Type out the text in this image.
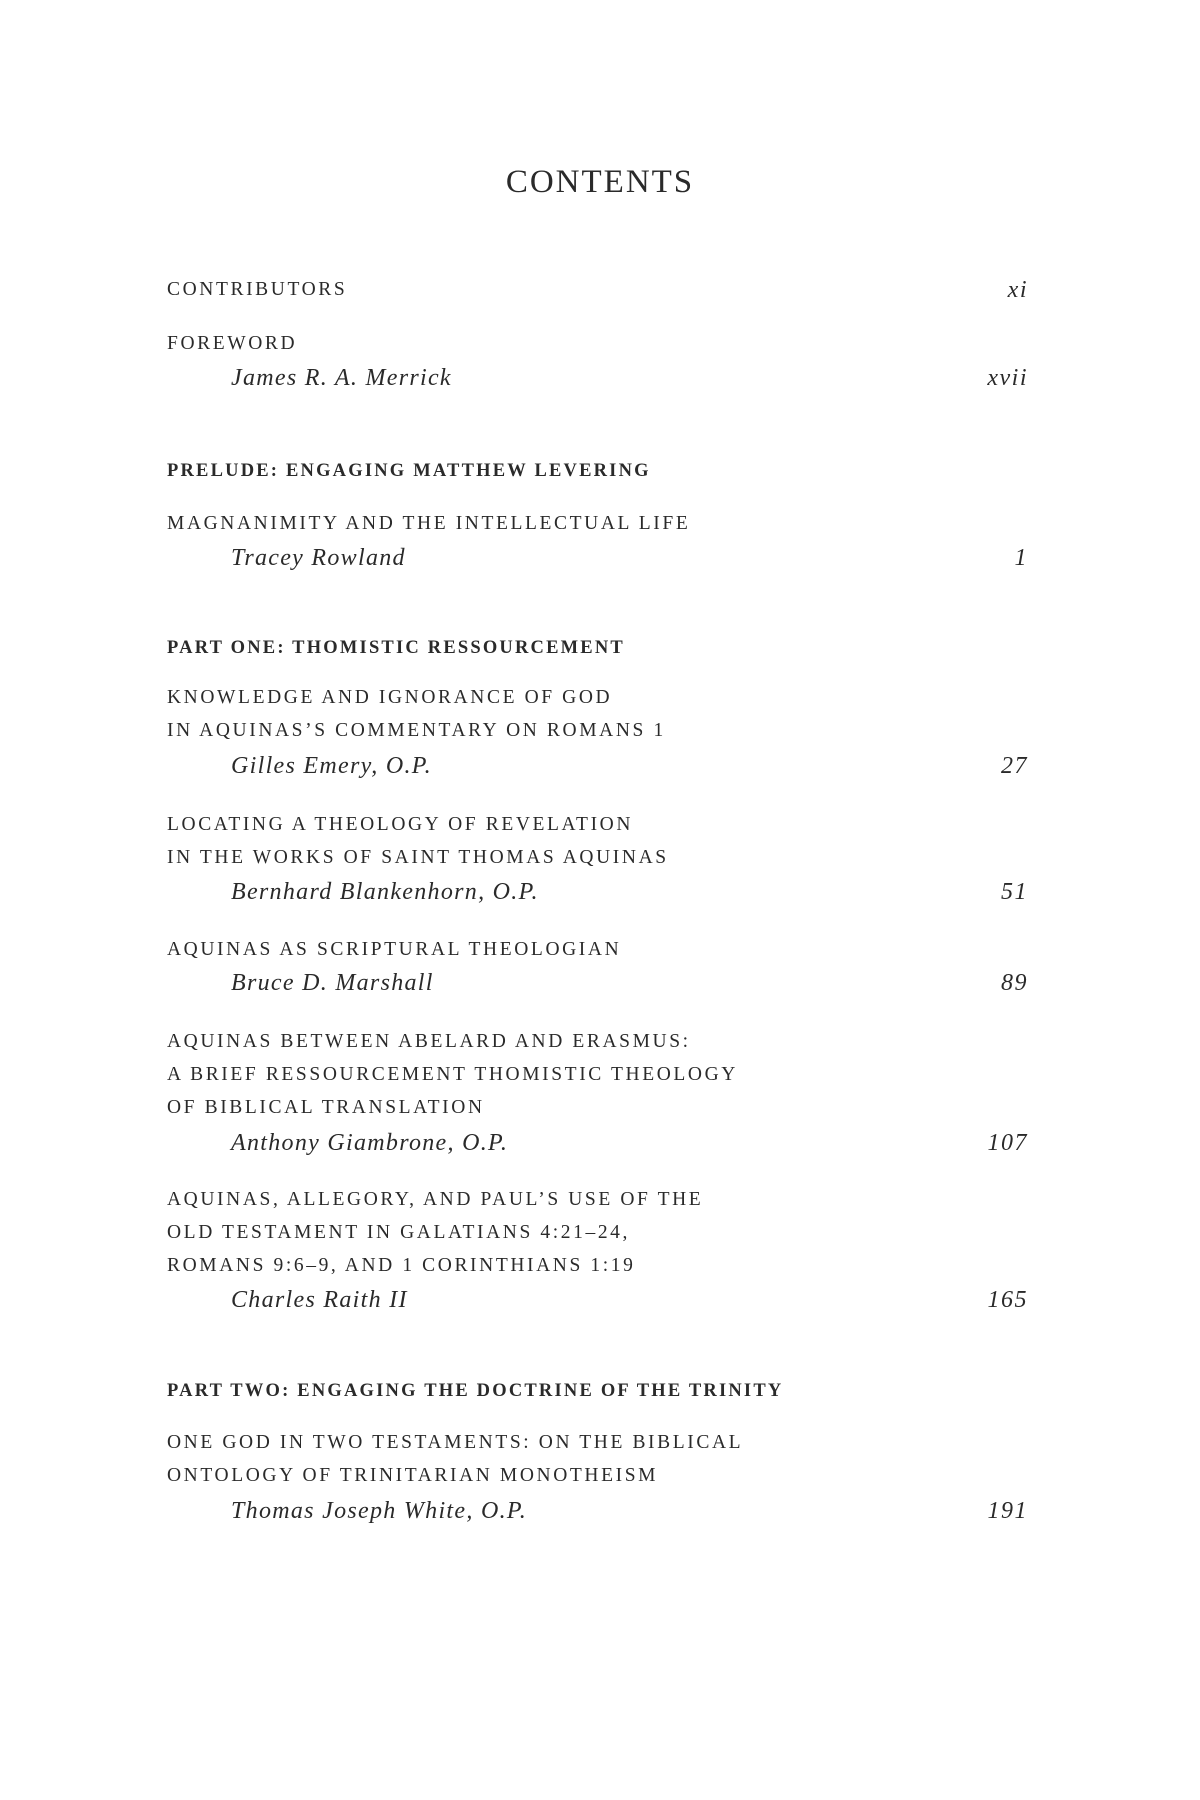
CONTENTS
CONTRIBUTORS	xi
FOREWORD
James R. A. Merrick	xvii
PRELUDE: ENGAGING MATTHEW LEVERING
MAGNANIMITY AND THE INTELLECTUAL LIFE
Tracey Rowland	1
PART ONE: THOMISTIC RESSOURCEMENT
KNOWLEDGE AND IGNORANCE OF GOD
IN AQUINAS’S COMMENTARY ON ROMANS 1
Gilles Emery, O.P.	27
LOCATING A THEOLOGY OF REVELATION
IN THE WORKS OF SAINT THOMAS AQUINAS
Bernhard Blankenhorn, O.P.	51
AQUINAS AS SCRIPTURAL THEOLOGIAN
Bruce D. Marshall	89
AQUINAS BETWEEN ABELARD AND ERASMUS:
A BRIEF RESSOURCEMENT THOMISTIC THEOLOGY
OF BIBLICAL TRANSLATION
Anthony Giambrone, O.P.	107
AQUINAS, ALLEGORY, AND PAUL’S USE OF THE
OLD TESTAMENT IN GALATIANS 4:21–24,
ROMANS 9:6–9, AND 1 CORINTHIANS 1:19
Charles Raith II	165
PART TWO: ENGAGING THE DOCTRINE OF THE TRINITY
ONE GOD IN TWO TESTAMENTS: ON THE BIBLICAL
ONTOLOGY OF TRINITARIAN MONOTHEISM
Thomas Joseph White, O.P.	191
